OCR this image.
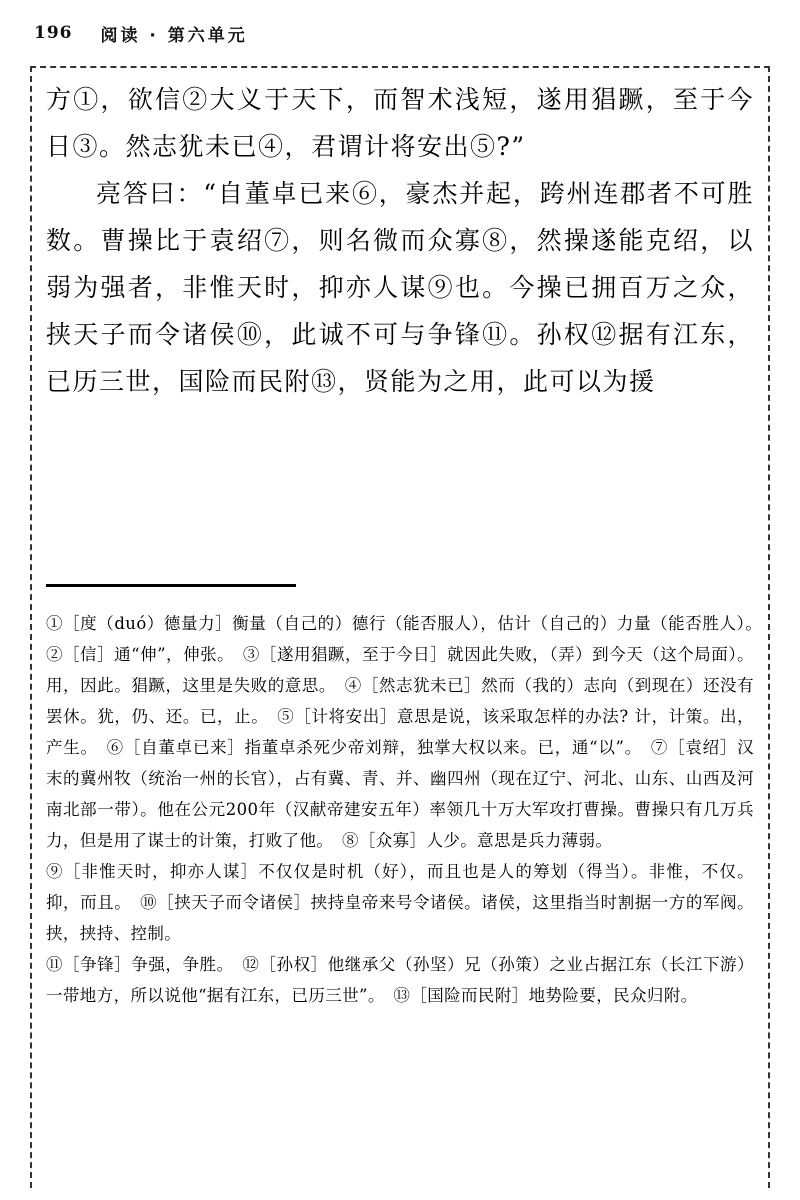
196 阅读 · 第六单元

方①，欲信②大义于天下，而智术浅短，遂用猖蹶，至于今日③。然志犹未已④，君谓计将安出⑤?”

亮答曰：“自董卓已来⑥，豪杰并起，跨州连郡者不可胜数。曹操比于袁绍⑦，则名微而众寡⑧，然操遂能克绍，以弱为强者，非惟天时，抑亦人谋⑨也。今操已拥百万之众，挟天子而令诸侯⑩，此诚不可与争锋⑪。孙权⑫据有江东，已历三世，国险而民附⑬，贤能为之用，此可以为援

①［度（duó）德量力］衡量（自己的）德行（能否服人），估计（自己的）力量（能否胜人）。　②［信］通“伸”，伸张。　③［遂用猖蹶，至于今日］就因此失败，（弄）到今天（这个局面）。用，因此。猖蹶，这里是失败的意思。　④［然志犹未已］然而（我的）志向（到现在）还没有罢休。犹，仍、还。已，止。　⑤［计将安出］意思是说，该采取怎样的办法? 计，计策。出，产生。　⑥［自董卓已来］指董卓杀死少帝刘辩，独掌大权以来。已，通“以”。　⑦［袁绍］汉末的冀州牧（统治一州的长官），占有冀、青、并、幽四州（现在辽宁、河北、山东、山西及河南北部一带）。他在公元200年（汉献帝建安五年）率领几十万大军攻打曹操。曹操只有几万兵力，但是用了谋士的计策，打败了他。　⑧［众寡］人少。意思是兵力薄弱。

⑨［非惟天时，抑亦人谋］不仅仅是时机（好），而且也是人的筹划（得当）。非惟，不仅。抑，而且。　⑩［挟天子而令诸侯］挟持皇帝来号令诸侯。诸侯，这里指当时割据一方的军阀。挟，挟持、控制。

⑪［争锋］争强，争胜。　⑫［孙权］他继承父（孙坚）兄（孙策）之业占据江东（长江下游）一带地方，所以说他“据有江东，已历三世”。　⑬［国险而民附］地势险要，民众归附。
